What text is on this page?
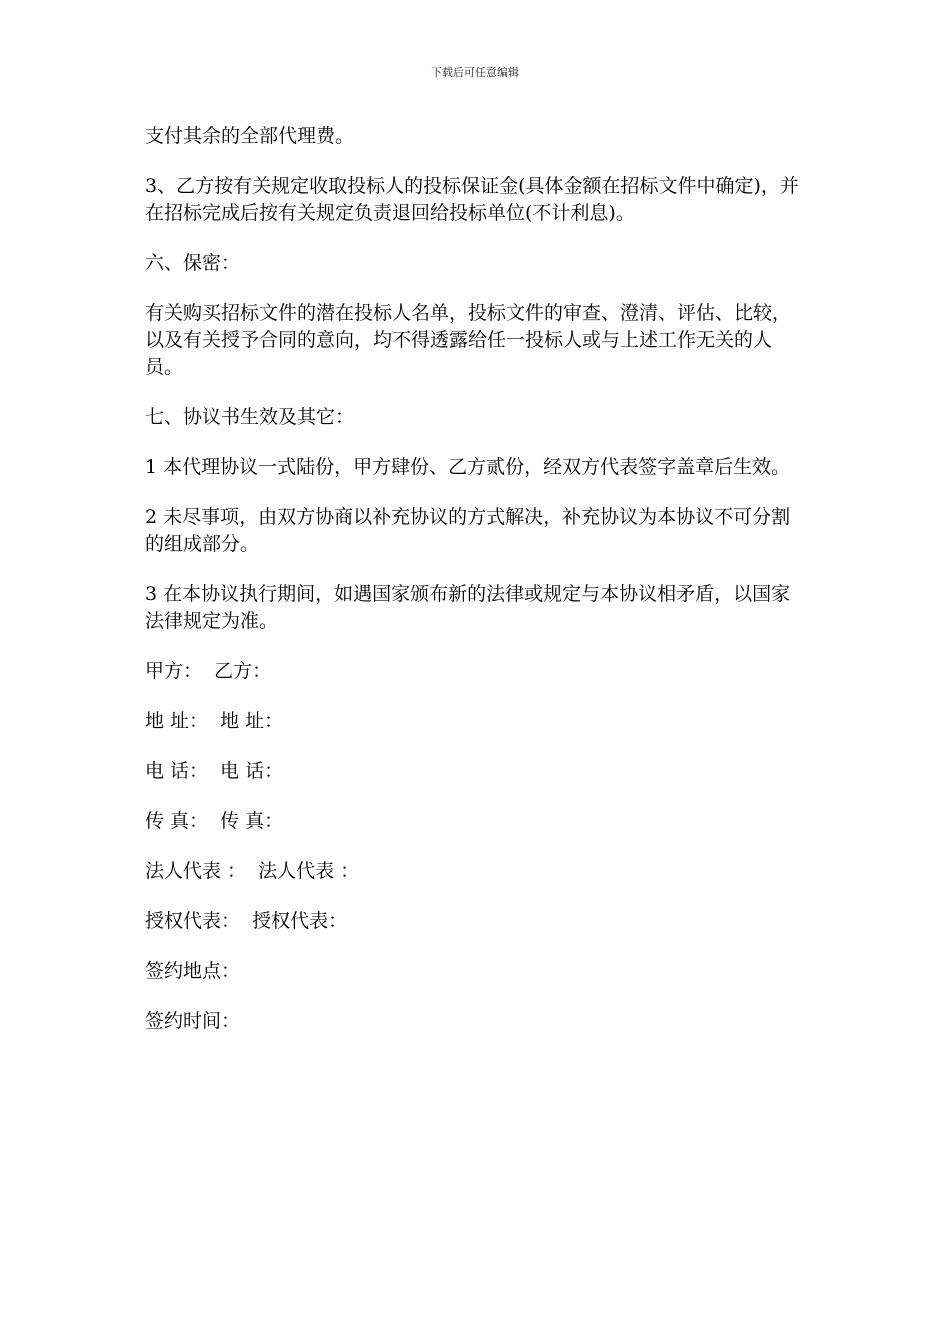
下载后可任意编辑

支付其余的全部代理费。

3、乙方按有关规定收取投标人的投标保证金(具体金额在招标文件中确定)，并在招标完成后按有关规定负责退回给投标单位(不计利息)。

六、保密：

有关购买招标文件的潜在投标人名单，投标文件的审查、澄清、评估、比较，以及有关授予合同的意向，均不得透露给任一投标人或与上述工作无关的人员。

七、协议书生效及其它：

1 本代理协议一式陆份，甲方肆份、乙方贰份，经双方代表签字盖章后生效。

2 未尽事项，由双方协商以补充协议的方式解决，补充协议为本协议不可分割的组成部分。

3 在本协议执行期间，如遇国家颁布新的法律或规定与本协议相矛盾，以国家法律规定为准。

甲方：  乙方：

地 址：  地 址：

电 话：  电 话：

传 真：  传 真：

法人代表 ：  法人代表 ：

授权代表：  授权代表：

签约地点：

签约时间：
